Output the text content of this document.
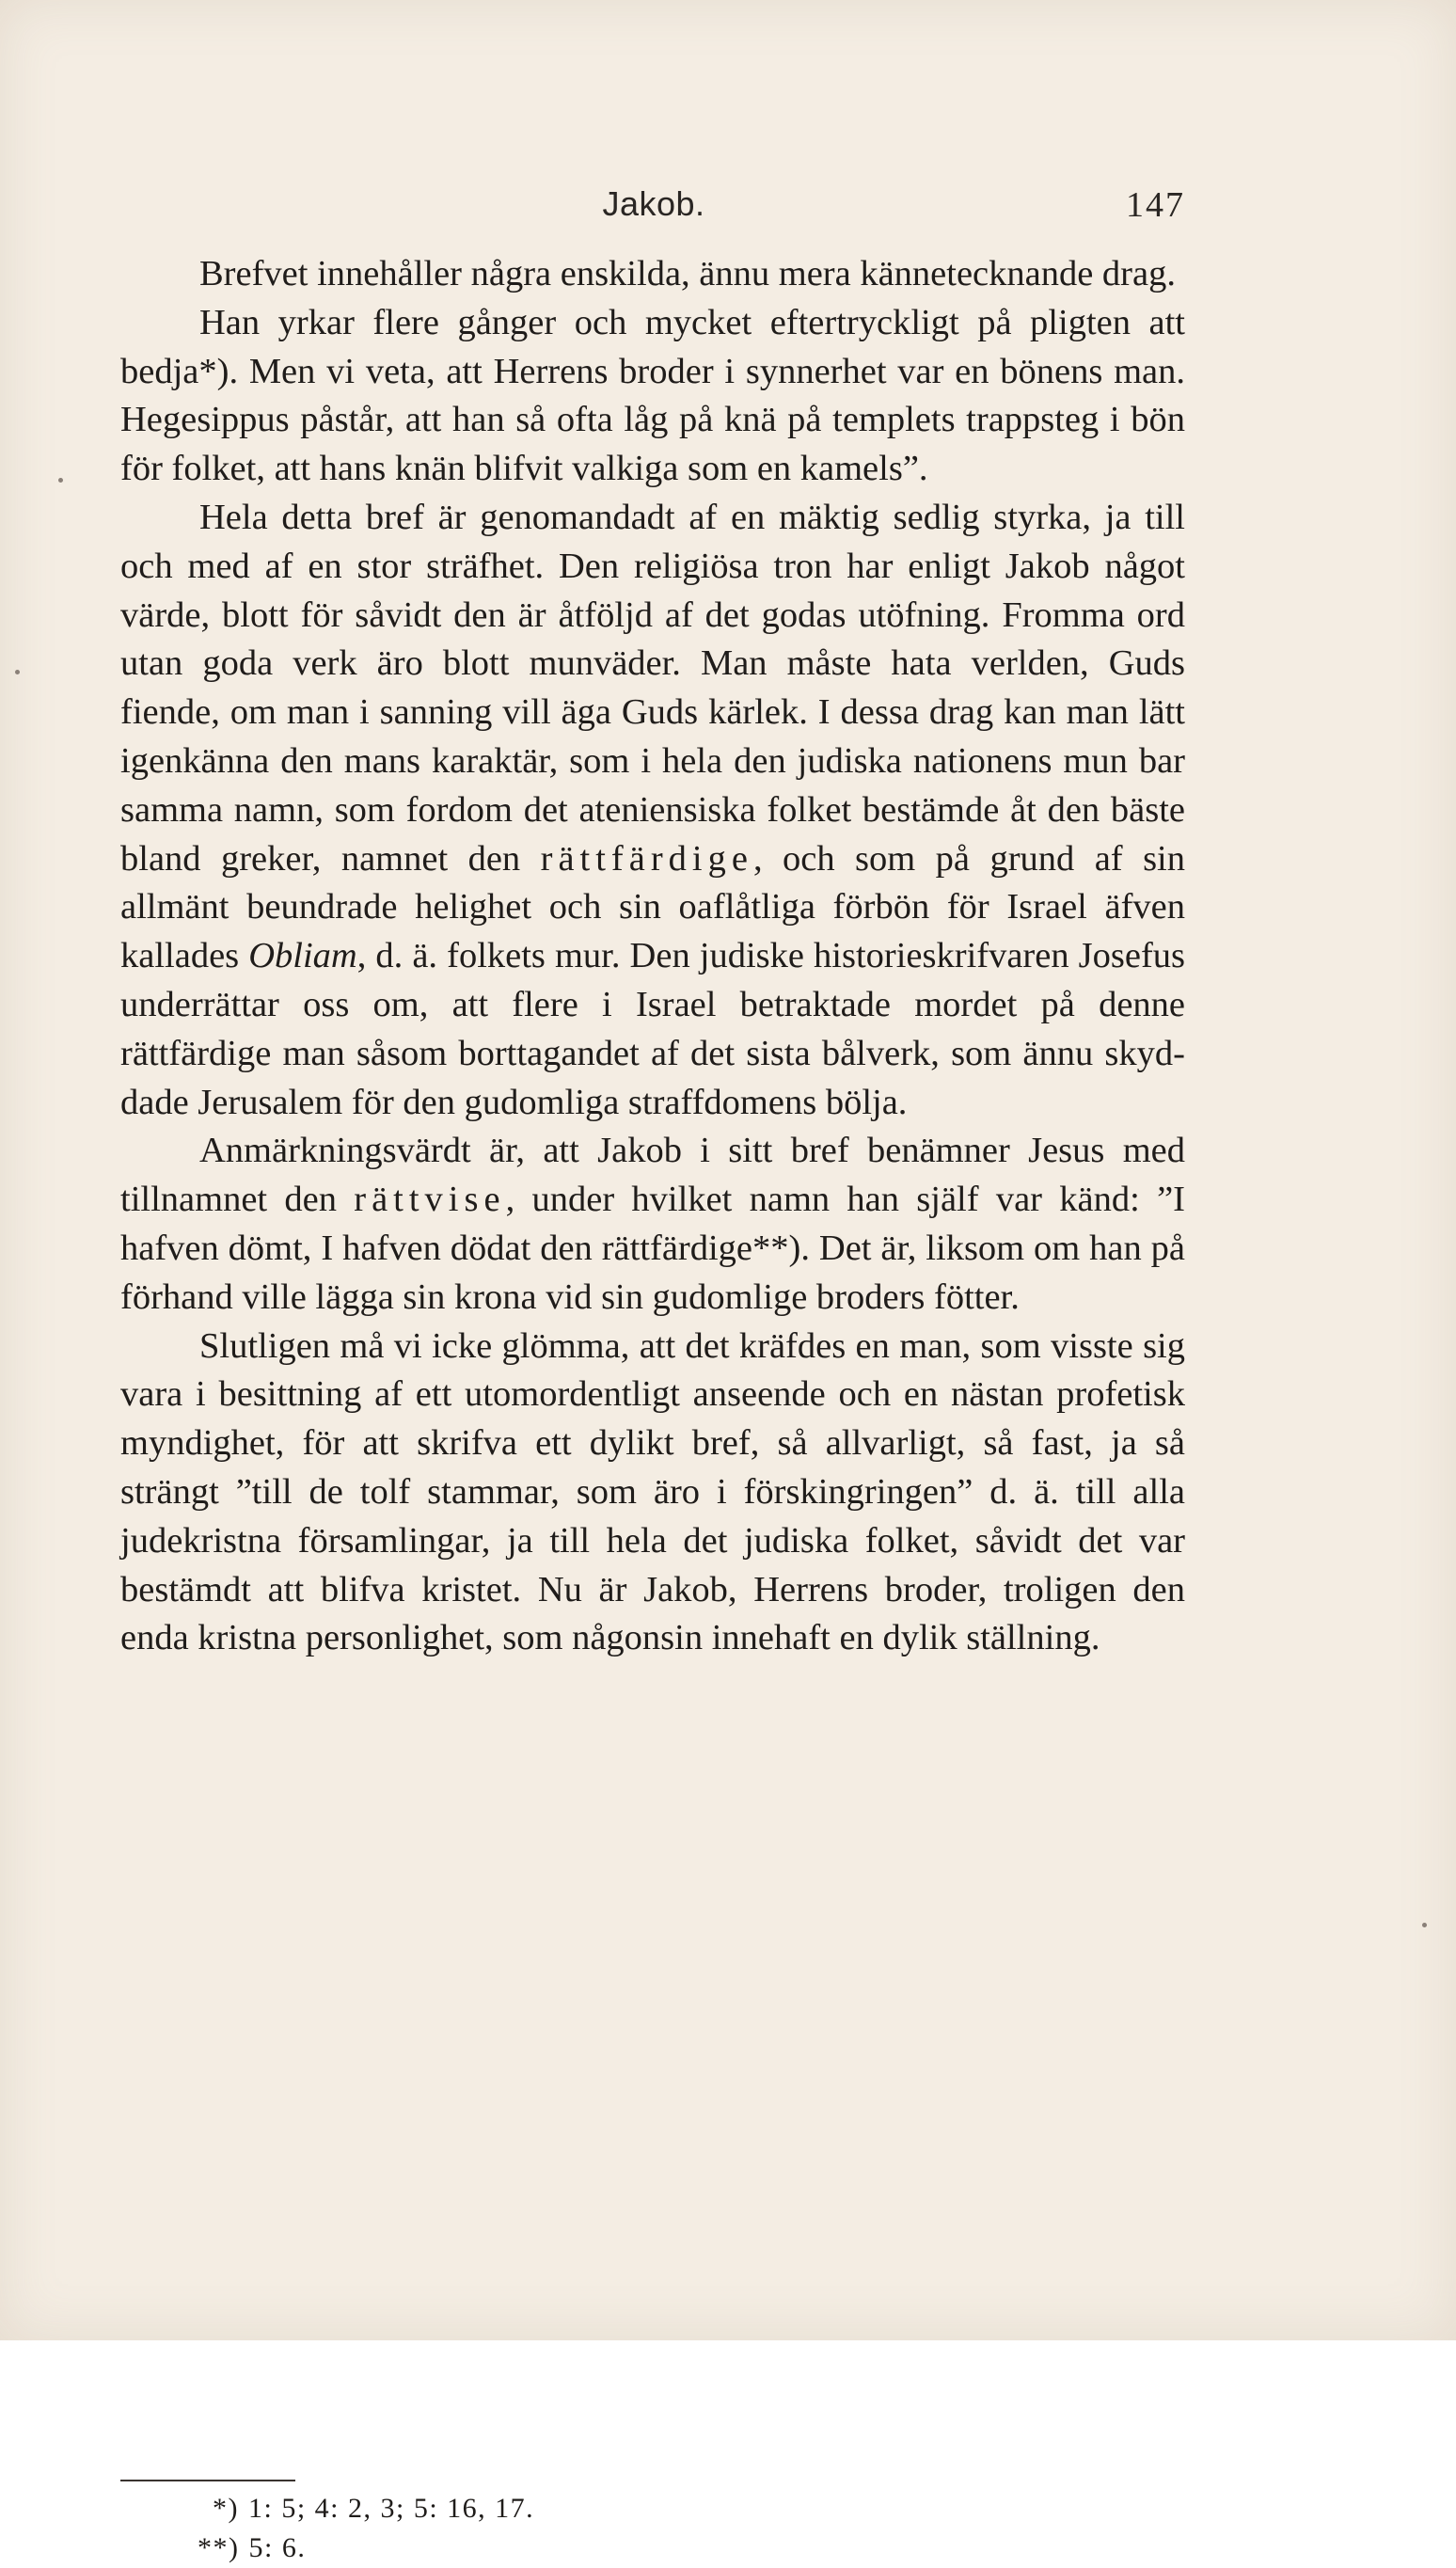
Jakob.	147

Brefvet innehåller några enskilda, ännu mera kännetecknande drag.

Han yrkar flere gånger och mycket eftertryckligt på pligten att bedja*). Men vi veta, att Herrens broder i synnerhet var en bönens man. Hegesippus påstår, att han så ofta låg på knä på templets trappsteg i bön för folket, att hans knän blifvit valkiga som en kamels”.

Hela detta bref är genomandadt af en mäktig sedlig styrka, ja till och med af en stor sträfhet. Den religiösa tron har enligt Jakob något värde, blott för såvidt den är åtföljd af det godas utöfning. Fromma ord utan goda verk äro blott munväder. Man måste hata verlden, Guds fiende, om man i sanning vill äga Guds kärlek. I dessa drag kan man lätt igenkänna den mans karaktär, som i hela den judiska nationens mun bar samma namn, som fordom det ateniensiska folket bestämde åt den bäste bland greker, namnet den rättfärdige, och som på grund af sin allmänt beundrade helighet och sin oaflåtliga förbön för Israel äfven kallades Obliam, d. ä. folkets mur. Den judiske historieskrifvaren Josefus underrättar oss om, att flere i Israel betraktade mordet på denne rättfärdige man såsom borttagandet af det sista bålverk, som ännu skyddade Jerusalem för den gudomliga straffdomens bölja.

Anmärkningsvärdt är, att Jakob i sitt bref benämner Jesus med tillnamnet den rättvise, under hvilket namn han själf var känd: ”I hafven dömt, I hafven dödat den rättfärdige**). Det är, liksom om han på förhand ville lägga sin krona vid sin gudomlige broders fötter.

Slutligen må vi icke glömma, att det kräfdes en man, som visste sig vara i besittning af ett utomordentligt anseende och en nästan profetisk myndighet, för att skrifva ett dylikt bref, så allvarligt, så fast, ja så strängt ”till de tolf stammar, som äro i förskingringen” d. ä. till alla judekristna församlingar, ja till hela det judiska folket, såvidt det var bestämdt att blifva kristet. Nu är Jakob, Herrens broder, troligen den enda kristna personlighet, som någonsin innehaft en dylik ställning.

*) 1: 5; 4: 2, 3; 5: 16, 17.
**) 5: 6.
